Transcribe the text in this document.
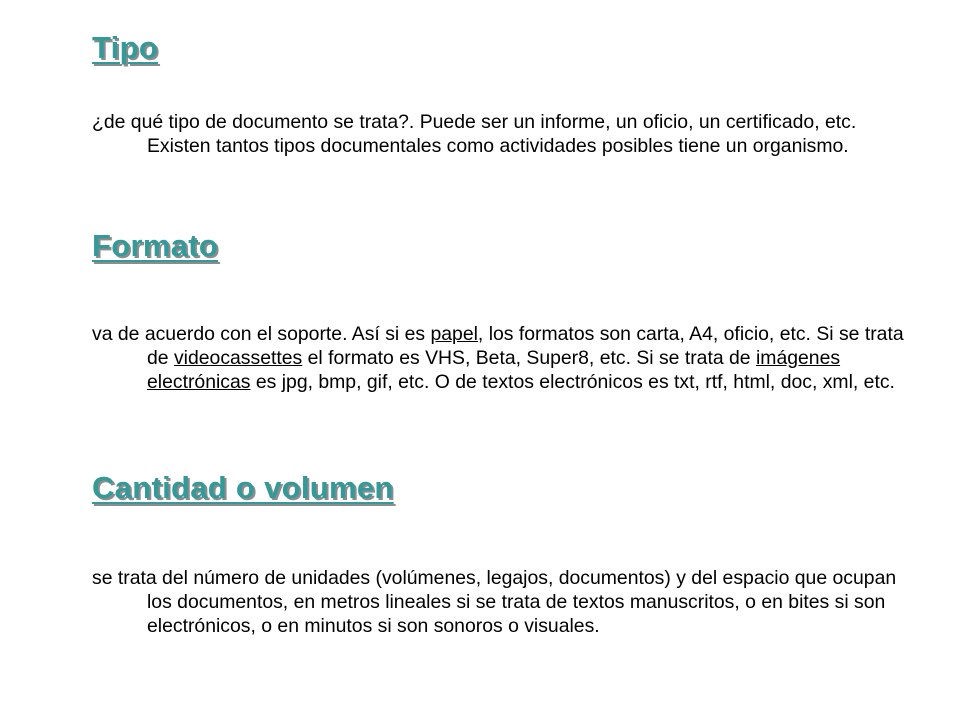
Tipo

¿de qué tipo de documento se trata?. Puede ser un informe, un oficio, un certificado, etc. Existen tantos tipos documentales como actividades posibles tiene un organismo.

Formato

va de acuerdo con el soporte. Así si es papel, los formatos son carta, A4, oficio, etc. Si se trata de videocassettes el formato es VHS, Beta, Super8, etc. Si se trata de imágenes electrónicas es jpg, bmp, gif, etc. O de textos electrónicos es txt, rtf, html, doc, xml, etc.

Cantidad o volumen

se trata del número de unidades (volúmenes, legajos, documentos) y del espacio que ocupan los documentos, en metros lineales si se trata de textos manuscritos, o en bites si son electrónicos, o en minutos si son sonoros o visuales.
